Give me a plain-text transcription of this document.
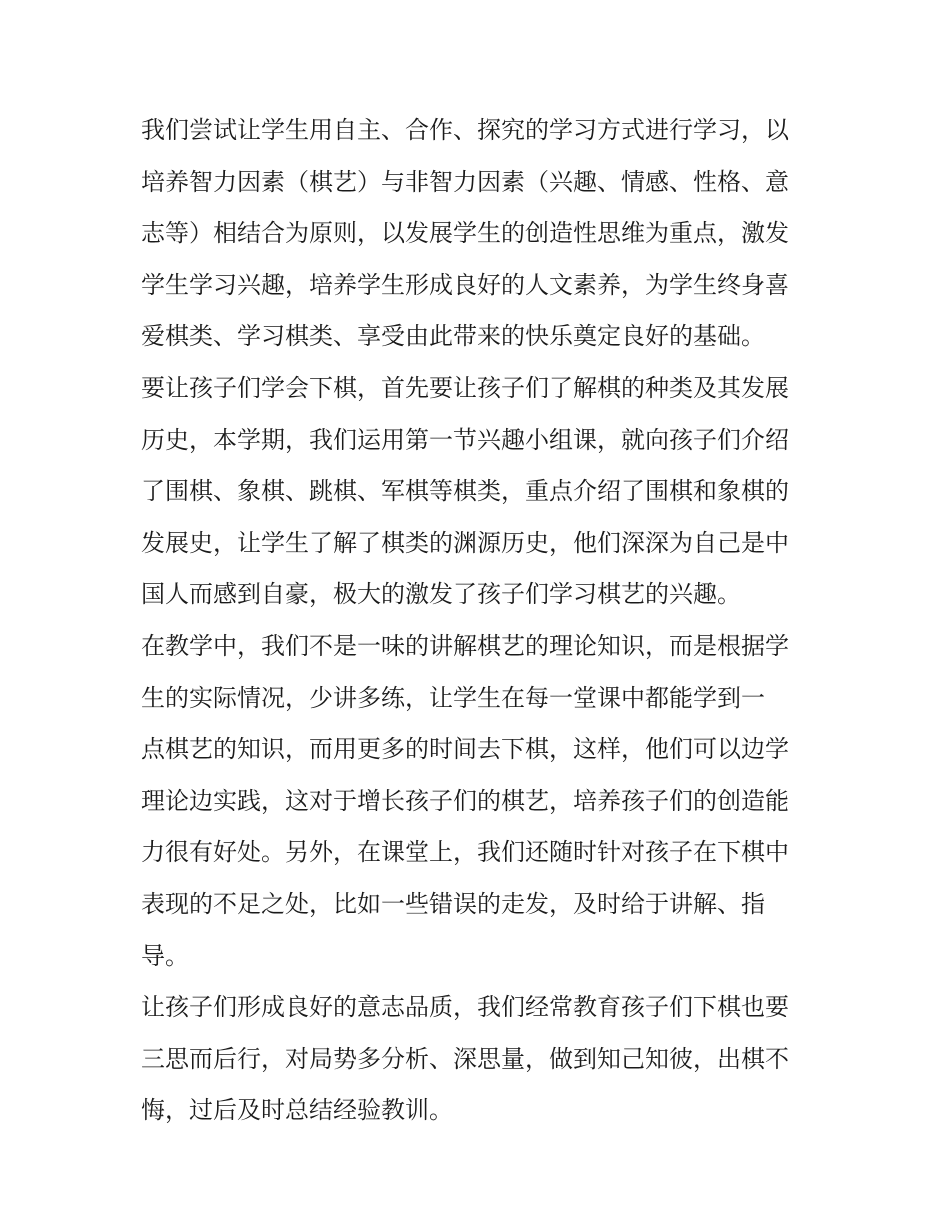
我们尝试让学生用自主、合作、探究的学习方式进行学习，以
培养智力因素（棋艺）与非智力因素（兴趣、情感、性格、意
志等）相结合为原则，以发展学生的创造性思维为重点，激发
学生学习兴趣，培养学生形成良好的人文素养，为学生终身喜
爱棋类、学习棋类、享受由此带来的快乐奠定良好的基础。
要让孩子们学会下棋，首先要让孩子们了解棋的种类及其发展
历史，本学期，我们运用第一节兴趣小组课，就向孩子们介绍
了围棋、象棋、跳棋、军棋等棋类，重点介绍了围棋和象棋的
发展史，让学生了解了棋类的渊源历史，他们深深为自己是中
国人而感到自豪，极大的激发了孩子们学习棋艺的兴趣。
在教学中，我们不是一味的讲解棋艺的理论知识，而是根据学
生的实际情况，少讲多练，让学生在每一堂课中都能学到一
点棋艺的知识，而用更多的时间去下棋，这样，他们可以边学
理论边实践，这对于增长孩子们的棋艺，培养孩子们的创造能
力很有好处。另外，在课堂上，我们还随时针对孩子在下棋中
表现的不足之处，比如一些错误的走发，及时给于讲解、指
导。
让孩子们形成良好的意志品质，我们经常教育孩子们下棋也要
三思而后行，对局势多分析、深思量，做到知己知彼，出棋不
悔，过后及时总结经验教训。
